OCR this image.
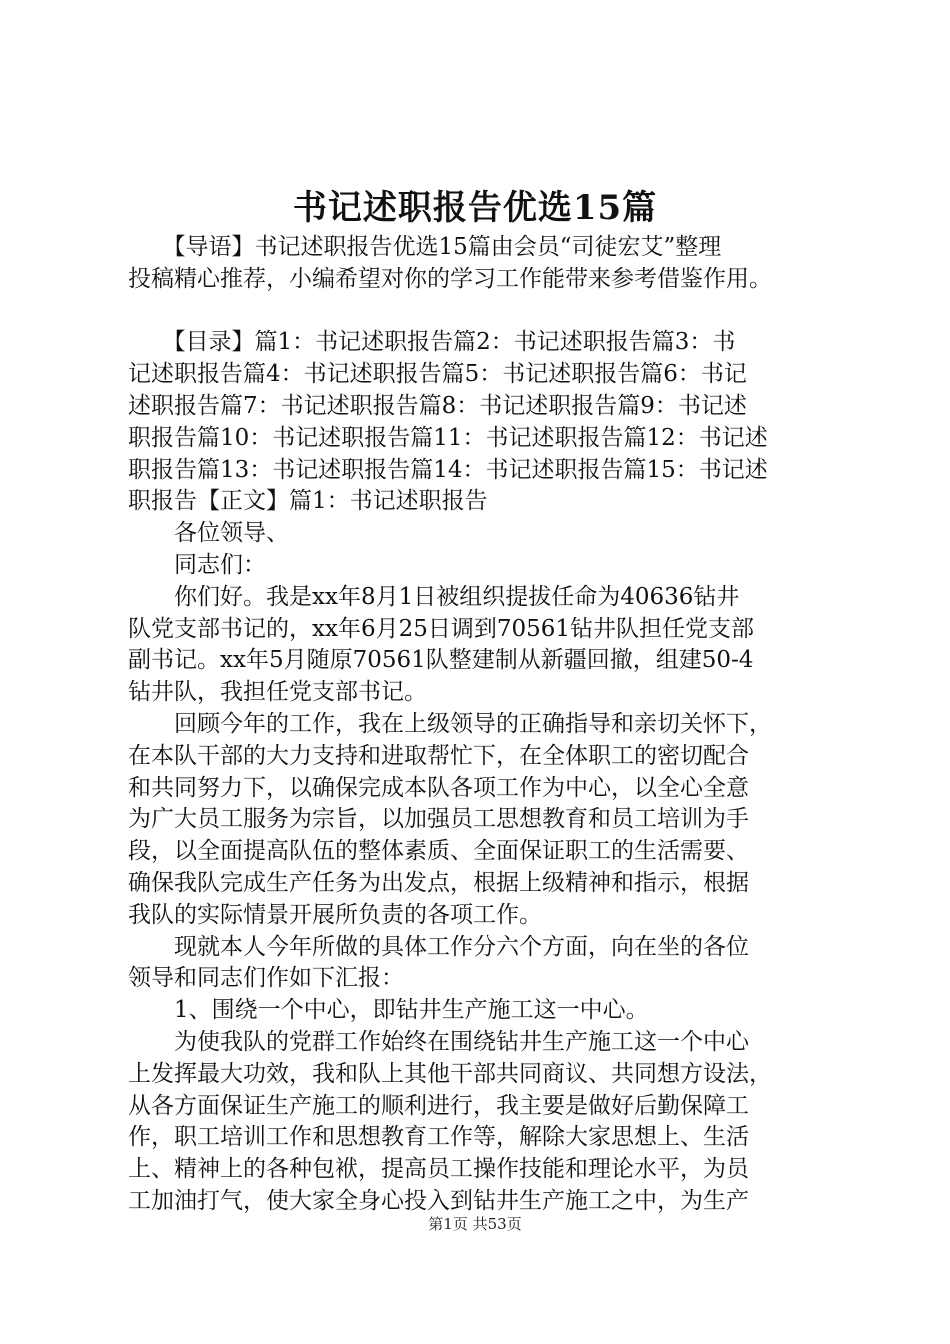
书记述职报告优选15篇
　　【导语】书记述职报告优选15篇由会员“司徒宏艾”整理
投稿精心推荐，小编希望对你的学习工作能带来参考借鉴作用。
　　【目录】篇1：书记述职报告篇2：书记述职报告篇3：书
记述职报告篇4：书记述职报告篇5：书记述职报告篇6：书记
述职报告篇7：书记述职报告篇8：书记述职报告篇9：书记述
职报告篇10：书记述职报告篇11：书记述职报告篇12：书记述
职报告篇13：书记述职报告篇14：书记述职报告篇15：书记述
职报告【正文】篇1：书记述职报告
　　各位领导、
　　同志们：
　　你们好。我是xx年8月1日被组织提拔任命为40636钻井
队党支部书记的，xx年6月25日调到70561钻井队担任党支部
副书记。xx年5月随原70561队整建制从新疆回撤，组建50-4
钻井队，我担任党支部书记。
　　回顾今年的工作，我在上级领导的正确指导和亲切关怀下，
在本队干部的大力支持和进取帮忙下，在全体职工的密切配合
和共同努力下，以确保完成本队各项工作为中心，以全心全意
为广大员工服务为宗旨，以加强员工思想教育和员工培训为手
段，以全面提高队伍的整体素质、全面保证职工的生活需要、
确保我队完成生产任务为出发点，根据上级精神和指示，根据
我队的实际情景开展所负责的各项工作。
　　现就本人今年所做的具体工作分六个方面，向在坐的各位
领导和同志们作如下汇报：
　　1、围绕一个中心，即钻井生产施工这一中心。
　　为使我队的党群工作始终在围绕钻井生产施工这一个中心
上发挥最大功效，我和队上其他干部共同商议、共同想方设法，
从各方面保证生产施工的顺利进行，我主要是做好后勤保障工
作，职工培训工作和思想教育工作等，解除大家思想上、生活
上、精神上的各种包袱，提高员工操作技能和理论水平，为员
工加油打气，使大家全身心投入到钻井生产施工之中，为生产
第1页 共53页
